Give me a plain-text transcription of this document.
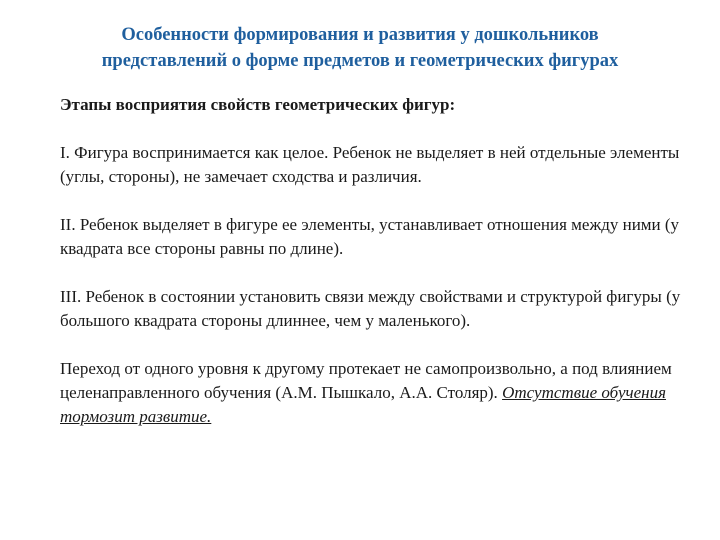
Особенности формирования и развития у дошкольников
представлений о форме предметов и геометрических фигурах

Этапы восприятия свойств геометрических фигур:

I. Фигура воспринимается как целое. Ребенок не выделяет в ней отдельные элементы (углы, стороны), не замечает сходства и различия.

II. Ребенок выделяет в фигуре ее элементы, устанавливает отношения между ними (у квадрата все стороны равны по длине).

III. Ребенок в состоянии установить связи между свойствами и структурой фигуры (у большого квадрата стороны длиннее, чем у маленького).

Переход от одного уровня к другому протекает не самопроизвольно, а под влиянием целенаправленного обучения (А.М. Пышкало, А.А. Столяр). Отсутствие обучения тормозит развитие.
